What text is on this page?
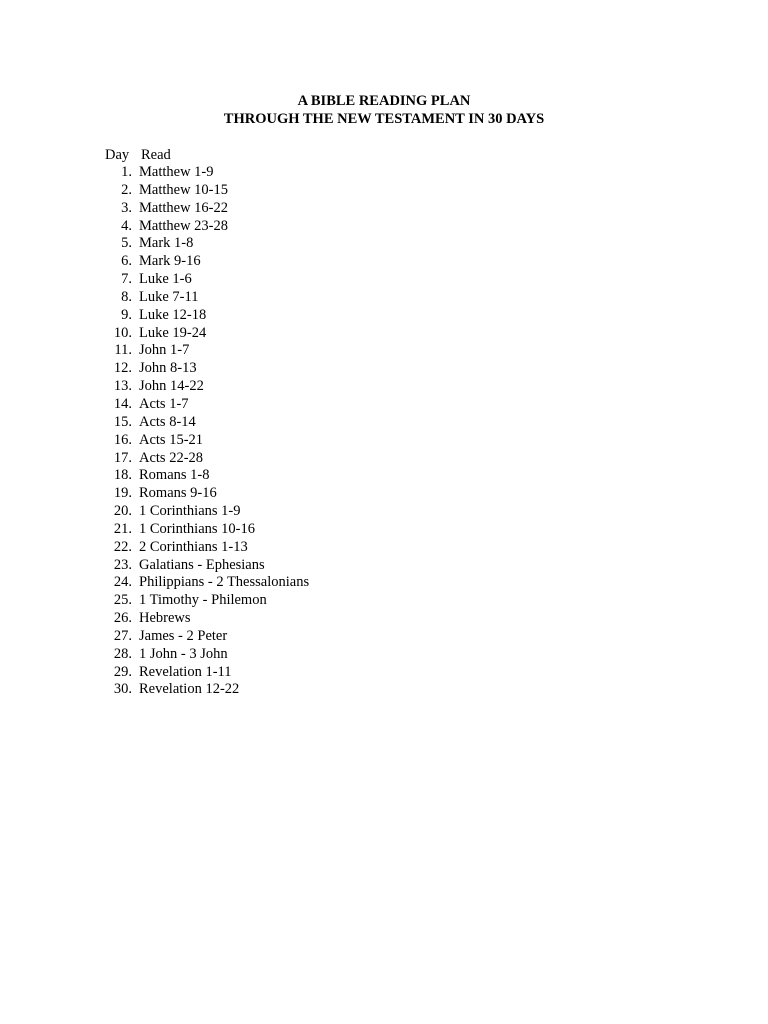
A BIBLE READING PLAN
THROUGH THE NEW TESTAMENT IN 30 DAYS
Day Read
1. Matthew 1-9
2. Matthew 10-15
3. Matthew 16-22
4. Matthew 23-28
5. Mark 1-8
6. Mark 9-16
7. Luke 1-6
8. Luke 7-11
9. Luke 12-18
10. Luke 19-24
11. John 1-7
12. John 8-13
13. John 14-22
14. Acts 1-7
15. Acts 8-14
16. Acts 15-21
17. Acts 22-28
18. Romans 1-8
19. Romans 9-16
20. 1 Corinthians 1-9
21. 1 Corinthians 10-16
22. 2 Corinthians 1-13
23. Galatians - Ephesians
24. Philippians - 2 Thessalonians
25. 1 Timothy - Philemon
26. Hebrews
27. James - 2 Peter
28. 1 John - 3 John
29. Revelation 1-11
30. Revelation 12-22
